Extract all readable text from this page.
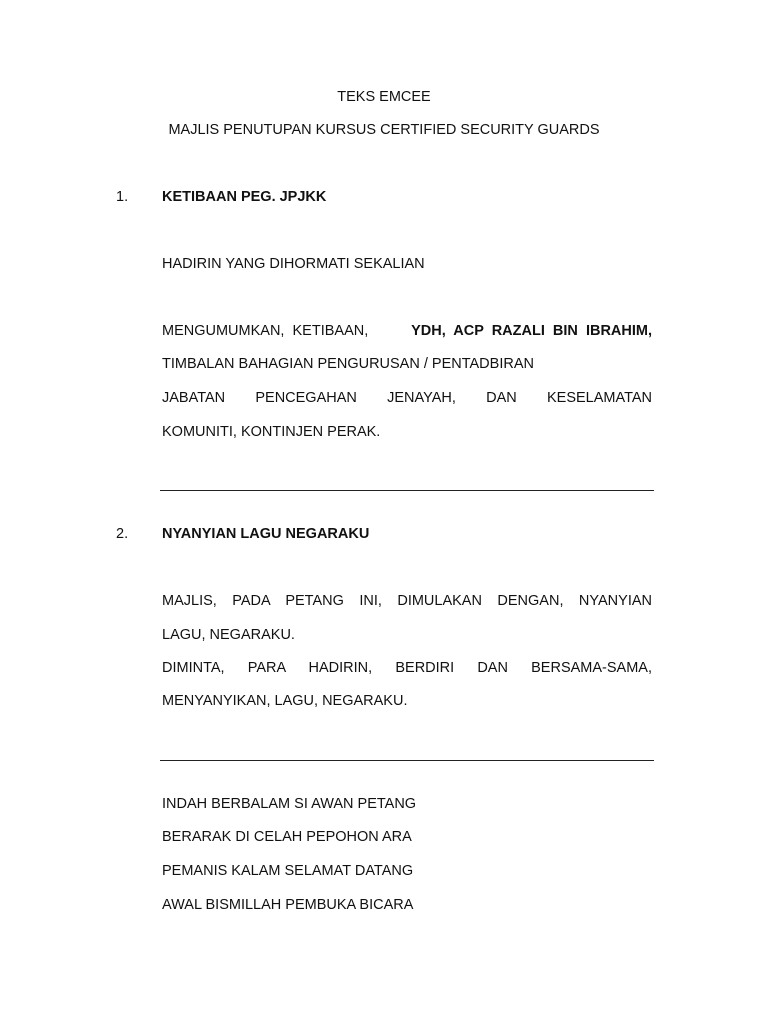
TEKS EMCEE
MAJLIS PENUTUPAN KURSUS CERTIFIED SECURITY GUARDS
1. KETIBAAN PEG. JPJKK
HADIRIN YANG DIHORMATI SEKALIAN
MENGUMUMKAN,  KETIBAAN,	YDH,  ACP  RAZALI  BIN  IBRAHIM,
TIMBALAN BAHAGIAN PENGURUSAN / PENTADBIRAN
JABATAN PENCEGAHAN JENAYAH, DAN KESELAMATAN
KOMUNITI, KONTINJEN PERAK.
2. NYANYIAN LAGU NEGARAKU
MAJLIS, PADA PETANG INI, DIMULAKAN DENGAN, NYANYIAN
LAGU, NEGARAKU.
DIMINTA, PARA HADIRIN, BERDIRI DAN BERSAMA-SAMA,
MENYANYIKAN, LAGU, NEGARAKU.
INDAH BERBALAM SI AWAN PETANG
BERARAK DI CELAH PEPOHON ARA
PEMANIS KALAM SELAMAT DATANG
AWAL BISMILLAH PEMBUKA BICARA
